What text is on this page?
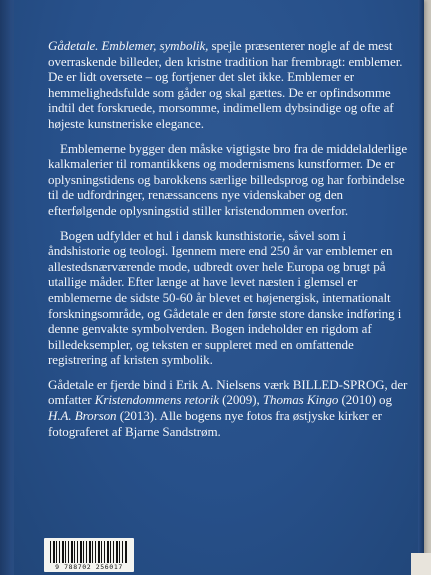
Gådetale. Emblemer, symbolik, spejle præsenterer nogle af de mest overraskende billeder, den kristne tradition har frembragt: emblemer. De er lidt oversete – og fortjener det slet ikke. Emblemer er hemmelighedsfulde som gåder og skal gættes. De er opfindsomme indtil det forskruede, morsomme, indimellem dybsindige og ofte af højeste kunstneriske elegance.

Emblemerne bygger den måske vigtigste bro fra de middelalderlige kalkmalerier til romantikkens og modernismens kunstformer. De er oplysningstidens og barokkens særlige billedsprog og har forbindelse til de udfordringer, renæssancens nye videnskaber og den efterfølgende oplysningstid stiller kristendommen overfor.

Bogen udfylder et hul i dansk kunsthistorie, såvel som i åndshistorie og teologi. Igennem mere end 250 år var emblemer en allestedsnærværende mode, udbredt over hele Europa og brugt på utallige måder. Efter længe at have levet næsten i glemsel er emblemerne de sidste 50-60 år blevet et højenergisk, internationalt forskningsområde, og Gådetale er den første store danske indføring i denne genvakte symbolverden. Bogen indeholder en rigdom af billedeksempler, og teksten er suppleret med en omfattende registrering af kristen symbolik.

Gådetale er fjerde bind i Erik A. Nielsens værk BILLED-SPROG, der omfatter Kristendommens retorik (2009), Thomas Kingo (2010) og H.A. Brorson (2013). Alle bogens nye fotos fra østjyske kirker er fotograferet af Bjarne Sandstrøm.

9 788702 256017
